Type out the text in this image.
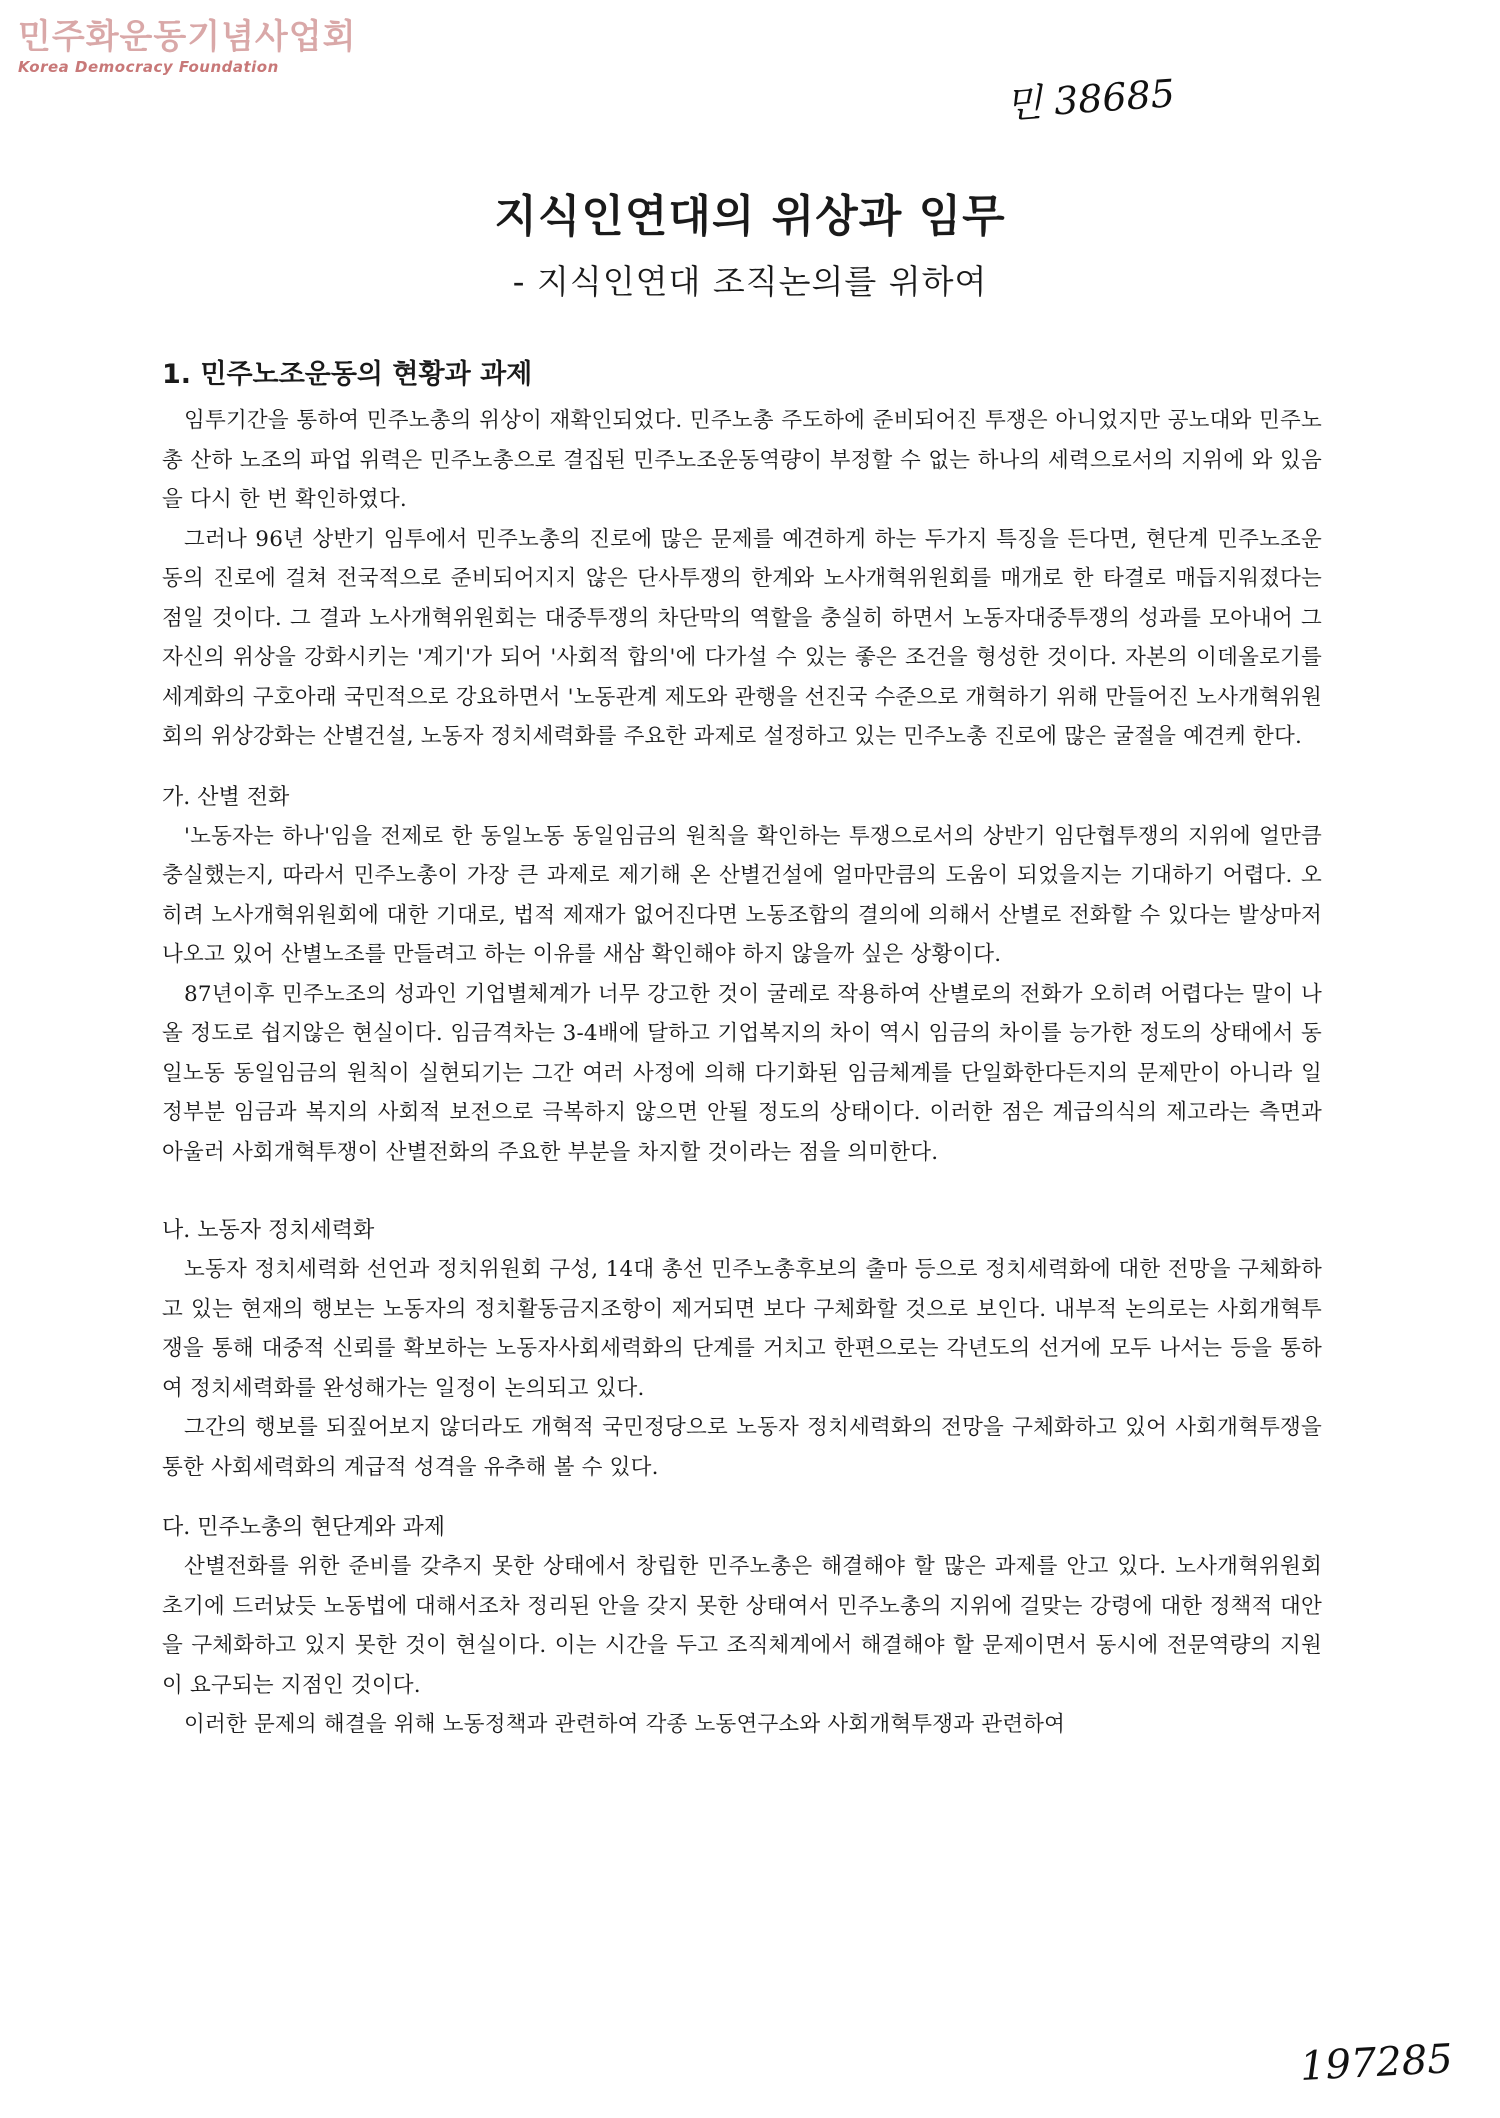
민주화운동기념사업회
Korea Democracy Foundation
민 38685
지식인연대의 위상과 임무
- 지식인연대 조직논의를 위하여

1. 민주노조운동의 현황과 과제

임투기간을 통하여 민주노총의 위상이 재확인되었다. 민주노총 주도하에 준비되어진 투쟁은 아니었지만 공노대와 민주노총 산하 노조의 파업 위력은 민주노총으로 결집된 민주노조운동역량이 부정할 수 없는 하나의 세력으로서의 지위에 와 있음을 다시 한 번 확인하였다.

그러나 96년 상반기 임투에서 민주노총의 진로에 많은 문제를 예견하게 하는 두가지 특징을 든다면, 현단계 민주노조운동의 진로에 걸쳐 전국적으로 준비되어지지 않은 단사투쟁의 한계와 노사개혁위원회를 매개로 한 타결로 매듭지워졌다는 점일 것이다. 그 결과 노사개혁위원회는 대중투쟁의 차단막의 역할을 충실히 하면서 노동자대중투쟁의 성과를 모아내어 그 자신의 위상을 강화시키는 '계기'가 되어 '사회적 합의'에 다가설 수 있는 좋은 조건을 형성한 것이다. 자본의 이데올로기를 세계화의 구호아래 국민적으로 강요하면서 '노동관계 제도와 관행을 선진국 수준으로 개혁하기 위해 만들어진 노사개혁위원회의 위상강화는 산별건설, 노동자 정치세력화를 주요한 과제로 설정하고 있는 민주노총 진로에 많은 굴절을 예견케 한다.

가. 산별 전화

'노동자는 하나'임을 전제로 한 동일노동 동일임금의 원칙을 확인하는 투쟁으로서의 상반기 임단협투쟁의 지위에 얼만큼 충실했는지, 따라서 민주노총이 가장 큰 과제로 제기해 온 산별건설에 얼마만큼의 도움이 되었을지는 기대하기 어렵다. 오히려 노사개혁위원회에 대한 기대로, 법적 제재가 없어진다면 노동조합의 결의에 의해서 산별로 전화할 수 있다는 발상마저 나오고 있어 산별노조를 만들려고 하는 이유를 새삼 확인해야 하지 않을까 싶은 상황이다.

87년이후 민주노조의 성과인 기업별체계가 너무 강고한 것이 굴레로 작용하여 산별로의 전화가 오히려 어렵다는 말이 나올 정도로 쉽지않은 현실이다. 임금격차는 3-4배에 달하고 기업복지의 차이 역시 임금의 차이를 능가한 정도의 상태에서 동일노동 동일임금의 원칙이 실현되기는 그간 여러 사정에 의해 다기화된 임금체계를 단일화한다든지의 문제만이 아니라 일정부분 임금과 복지의 사회적 보전으로 극복하지 않으면 안될 정도의 상태이다. 이러한 점은 계급의식의 제고라는 측면과 아울러 사회개혁투쟁이 산별전화의 주요한 부분을 차지할 것이라는 점을 의미한다.

나. 노동자 정치세력화

노동자 정치세력화 선언과 정치위원회 구성, 14대 총선 민주노총후보의 출마 등으로 정치세력화에 대한 전망을 구체화하고 있는 현재의 행보는 노동자의 정치활동금지조항이 제거되면 보다 구체화할 것으로 보인다. 내부적 논의로는 사회개혁투쟁을 통해 대중적 신뢰를 확보하는 노동자사회세력화의 단계를 거치고 한편으로는 각년도의 선거에 모두 나서는 등을 통하여 정치세력화를 완성해가는 일정이 논의되고 있다.

그간의 행보를 되짚어보지 않더라도 개혁적 국민정당으로 노동자 정치세력화의 전망을 구체화하고 있어 사회개혁투쟁을 통한 사회세력화의 계급적 성격을 유추해 볼 수 있다.

다. 민주노총의 현단계와 과제

산별전화를 위한 준비를 갖추지 못한 상태에서 창립한 민주노총은 해결해야 할 많은 과제를 안고 있다. 노사개혁위원회 초기에 드러났듯 노동법에 대해서조차 정리된 안을 갖지 못한 상태여서 민주노총의 지위에 걸맞는 강령에 대한 정책적 대안을 구체화하고 있지 못한 것이 현실이다. 이는 시간을 두고 조직체계에서 해결해야 할 문제이면서 동시에 전문역량의 지원이 요구되는 지점인 것이다.

이러한 문제의 해결을 위해 노동정책과 관련하여 각종 노동연구소와 사회개혁투쟁과 관련하여

197285
